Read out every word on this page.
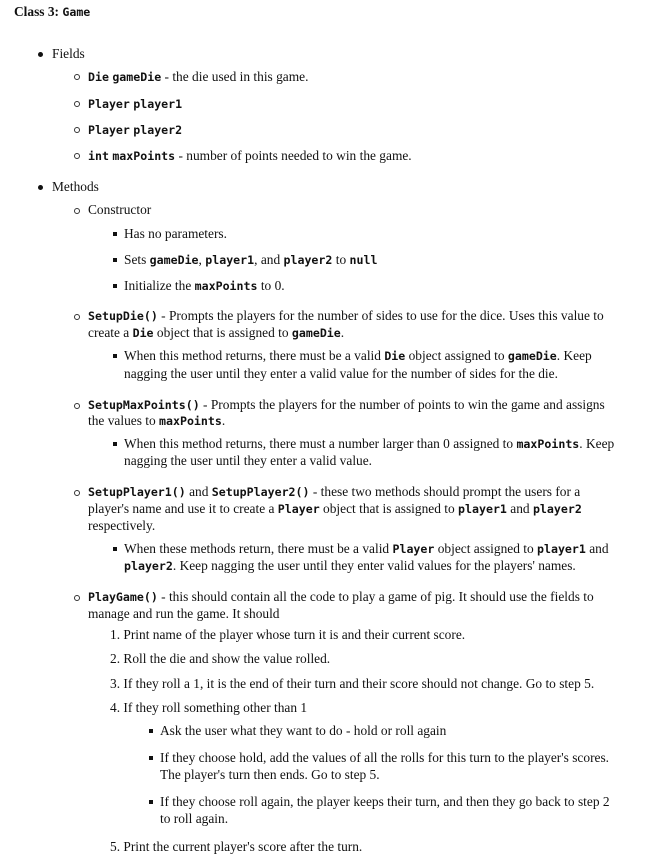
Class 3: Game
Fields
Die gameDie - the die used in this game.
Player player1
Player player2
int maxPoints - number of points needed to win the game.
Methods
Constructor
Has no parameters.
Sets gameDie, player1, and player2 to null
Initialize the maxPoints to 0.
SetupDie() - Prompts the players for the number of sides to use for the dice. Uses this value to
create a Die object that is assigned to gameDie.
When this method returns, there must be a valid Die object assigned to gameDie. Keep
nagging the user until they enter a valid value for the number of sides for the die.
SetupMaxPoints() - Prompts the players for the number of points to win the game and assigns
the values to maxPoints.
When this method returns, there must a number larger than 0 assigned to maxPoints. Keep
nagging the user until they enter a valid value.
SetupPlayer1() and SetupPlayer2() - these two methods should prompt the users for a
player's name and use it to create a Player object that is assigned to player1 and player2
respectively.
When these methods return, there must be a valid Player object assigned to player1 and
player2. Keep nagging the user until they enter valid values for the players' names.
PlayGame() - this should contain all the code to play a game of pig. It should use the fields to
manage and run the game. It should
1. Print name of the player whose turn it is and their current score.
2. Roll the die and show the value rolled.
3. If they roll a 1, it is the end of their turn and their score should not change. Go to step 5.
4. If they roll something other than 1
Ask the user what they want to do - hold or roll again
If they choose hold, add the values of all the rolls for this turn to the player's scores.
The player's turn then ends. Go to step 5.
If they choose roll again, the player keeps their turn, and then they go back to step 2
to roll again.
5. Print the current player's score after the turn.
